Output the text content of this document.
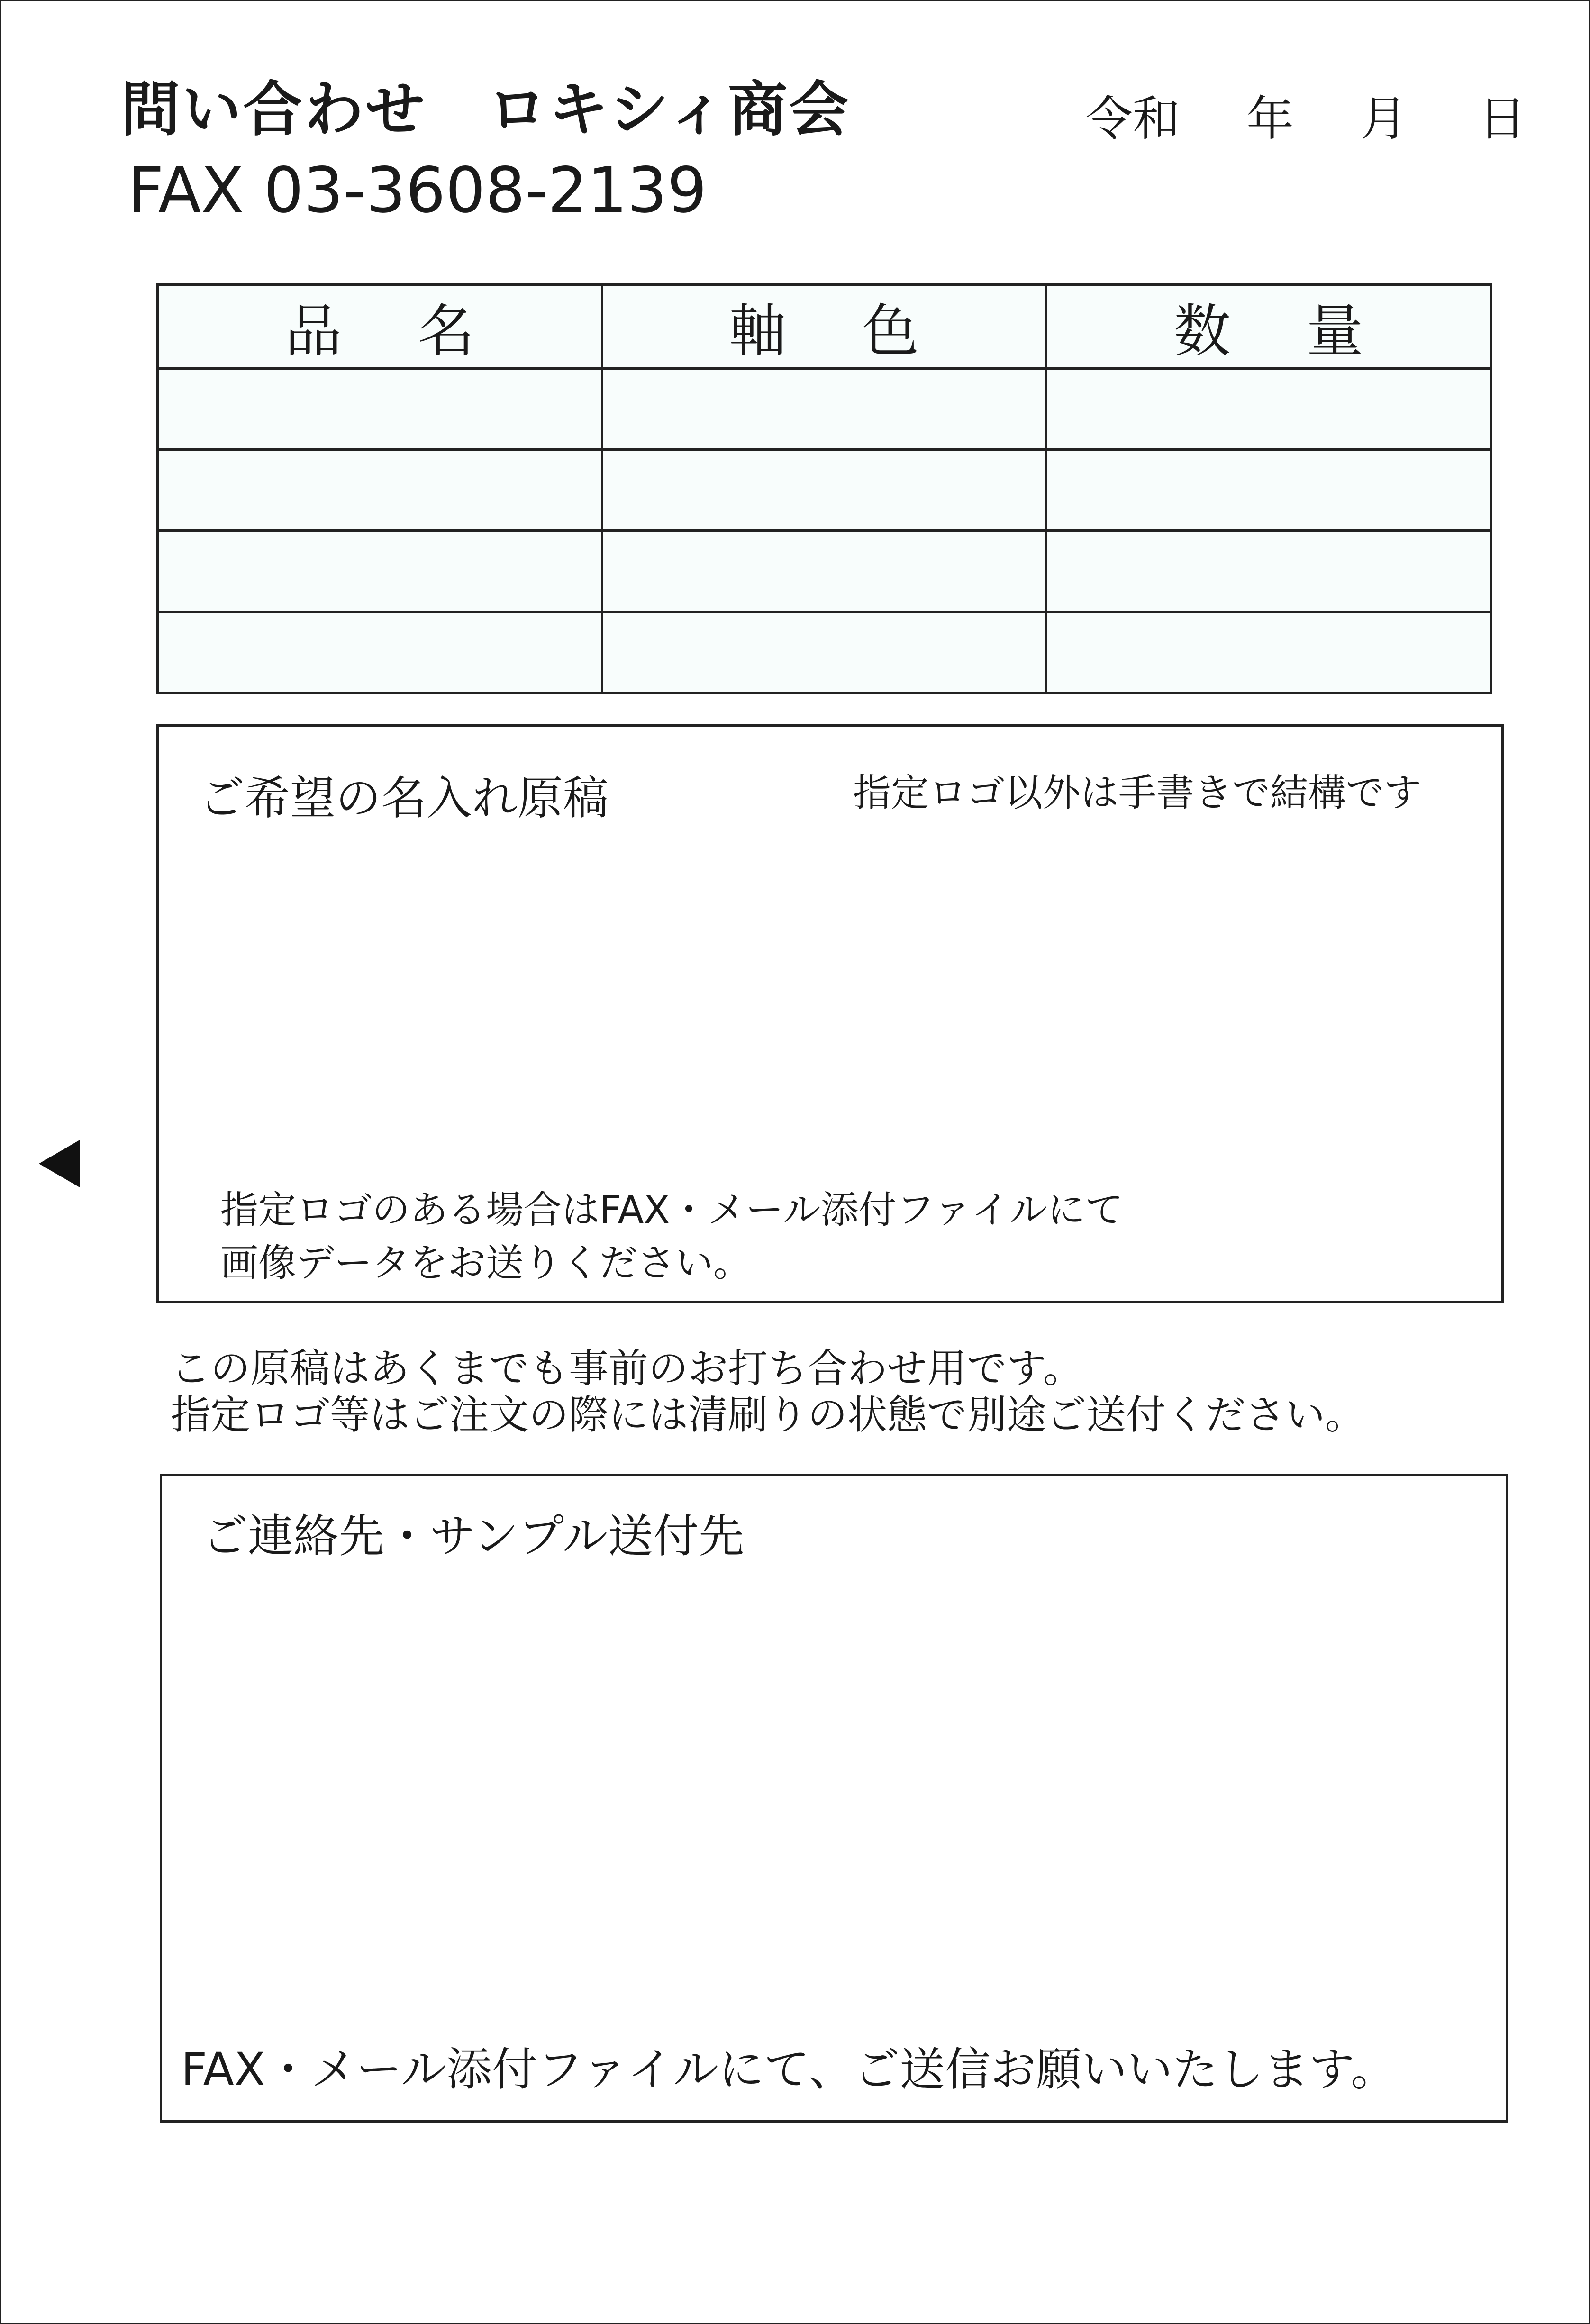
問い合わせ　ロキシィ商会
FAX 03-3608-2139
令和 年 月 日
品名	軸色	数量

ご希望の名入れ原稿	指定ロゴ以外は手書きで結構です
指定ロゴのある場合はFAX・メール添付ファイルにて
画像データをお送りください。
この原稿はあくまでも事前のお打ち合わせ用です。
指定ロゴ等はご注文の際には清刷りの状態で別途ご送付ください。
ご連絡先・サンプル送付先
FAX・メール添付ファイルにて、ご送信お願いいたします。
